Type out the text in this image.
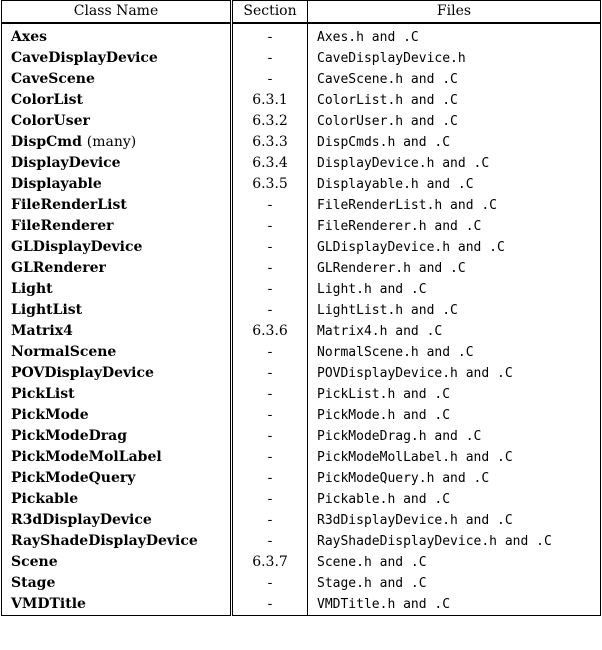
Class Name	Section	Files
Axes	-	Axes.h and .C
CaveDisplayDevice	-	CaveDisplayDevice.h
CaveScene	-	CaveScene.h and .C
ColorList	6.3.1	ColorList.h and .C
ColorUser	6.3.2	ColorUser.h and .C
DispCmd (many)	6.3.3	DispCmds.h and .C
DisplayDevice	6.3.4	DisplayDevice.h and .C
Displayable	6.3.5	Displayable.h and .C
FileRenderList	-	FileRenderList.h and .C
FileRenderer	-	FileRenderer.h and .C
GLDisplayDevice	-	GLDisplayDevice.h and .C
GLRenderer	-	GLRenderer.h and .C
Light	-	Light.h and .C
LightList	-	LightList.h and .C
Matrix4	6.3.6	Matrix4.h and .C
NormalScene	-	NormalScene.h and .C
POVDisplayDevice	-	POVDisplayDevice.h and .C
PickList	-	PickList.h and .C
PickMode	-	PickMode.h and .C
PickModeDrag	-	PickModeDrag.h and .C
PickModeMolLabel	-	PickModeMolLabel.h and .C
PickModeQuery	-	PickModeQuery.h and .C
Pickable	-	Pickable.h and .C
R3dDisplayDevice	-	R3dDisplayDevice.h and .C
RayShadeDisplayDevice	-	RayShadeDisplayDevice.h and .C
Scene	6.3.7	Scene.h and .C
Stage	-	Stage.h and .C
VMDTitle	-	VMDTitle.h and .C
